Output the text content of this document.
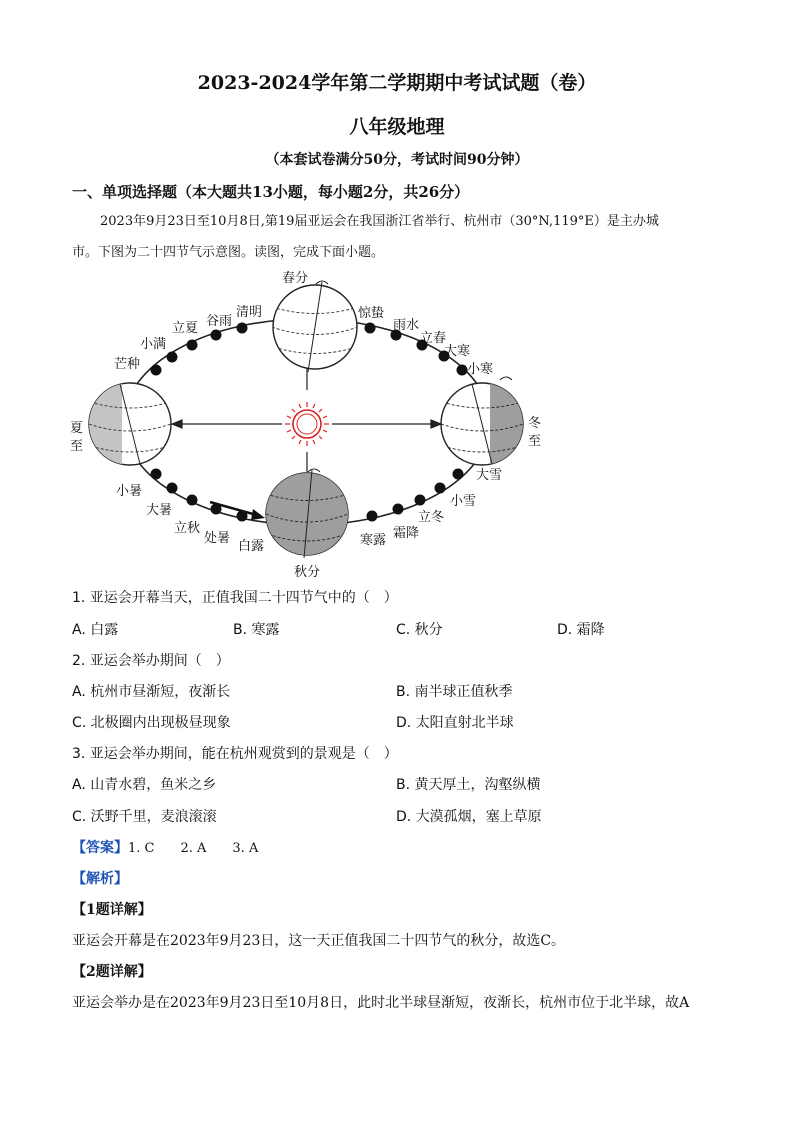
2023-2024学年第二学期期中考试试题（卷）
八年级地理
（本套试卷满分50分，考试时间90分钟）
一、单项选择题（本大题共13小题，每小题2分，共26分）
2023年9月23日至10月8日,第19届亚运会在我国浙江省举行、杭州市（30°N,119°E）是主办城
市。下图为二十四节气示意图。读图，完成下面小题。
春分
秋分
夏
至
冬
至
惊蛰
雨水
立春
大寒
小寒
清明
谷雨
立夏
小满
芒种
小暑
大暑
立秋
处暑
白露	寒露 霜降
立冬
小雪
大雪
1. 亚运会开幕当天，正值我国二十四节气中的（　）
A. 白露	B. 寒露	C. 秋分	D. 霜降
2. 亚运会举办期间（　）
A. 杭州市昼渐短，夜渐长	B. 南半球正值秋季
C. 北极圈内出现极昼现象	D. 太阳直射北半球
3. 亚运会举办期间，能在杭州观赏到的景观是（　）
A. 山青水碧，鱼米之乡	B. 黄天厚土，沟壑纵横
C. 沃野千里，麦浪滚滚	D. 大漠孤烟，塞上草原
【答案】1. C　　2. A　　3. A
【解析】
【1题详解】
亚运会开幕是在2023年9月23日，这一天正值我国二十四节气的秋分，故选C。
【2题详解】
亚运会举办是在2023年9月23日至10月8日，此时北半球昼渐短，夜渐长，杭州市位于北半球，故A
